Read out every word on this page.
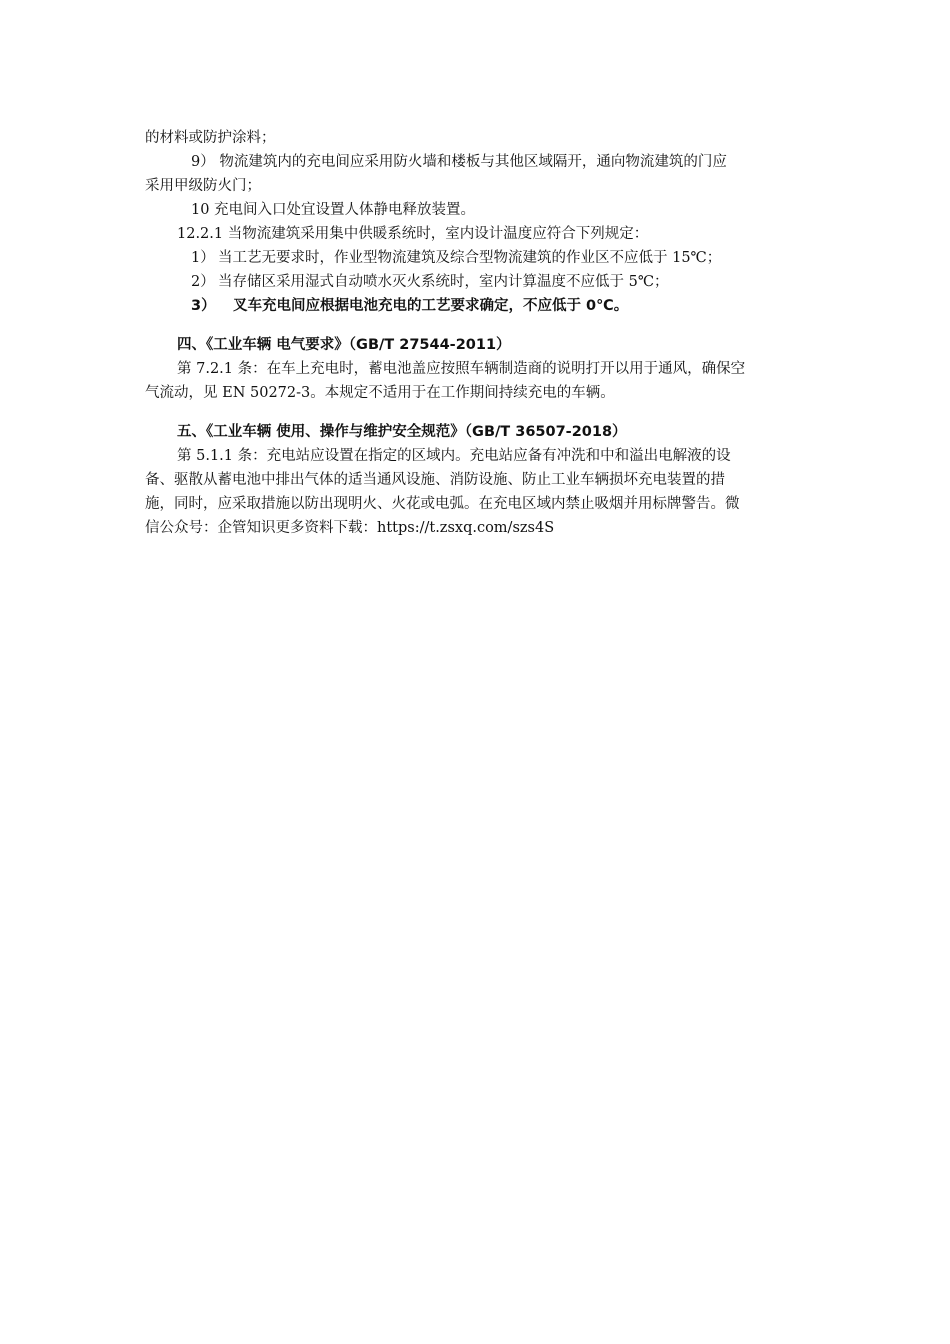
的材料或防护涂料；
9） 物流建筑内的充电间应采用防火墙和楼板与其他区域隔开，通向物流建筑的门应
采用甲级防火门；
10 充电间入口处宜设置人体静电释放装置。
12.2.1 当物流建筑采用集中供暖系统时，室内设计温度应符合下列规定：
1） 当工艺无要求时，作业型物流建筑及综合型物流建筑的作业区不应低于 15℃；
2） 当存储区采用湿式自动喷水灭火系统时，室内计算温度不应低于 5℃；
3） 叉车充电间应根据电池充电的工艺要求确定，不应低于 0℃。
四、《工业车辆 电气要求》（GB/T 27544-2011）
第 7.2.1 条：在车上充电时，蓄电池盖应按照车辆制造商的说明打开以用于通风，确保空
气流动，见 EN 50272-3。本规定不适用于在工作期间持续充电的车辆。
五、《工业车辆 使用、操作与维护安全规范》（GB/T 36507-2018）
第 5.1.1 条：充电站应设置在指定的区域内。充电站应备有冲洗和中和溢出电解液的设
备、驱散从蓄电池中排出气体的适当通风设施、消防设施、防止工业车辆损坏充电装置的措
施，同时，应采取措施以防出现明火、火花或电弧。在充电区域内禁止吸烟并用标牌警告。微
信公众号：企管知识更多资料下载：https://t.zsxq.com/szs4S
